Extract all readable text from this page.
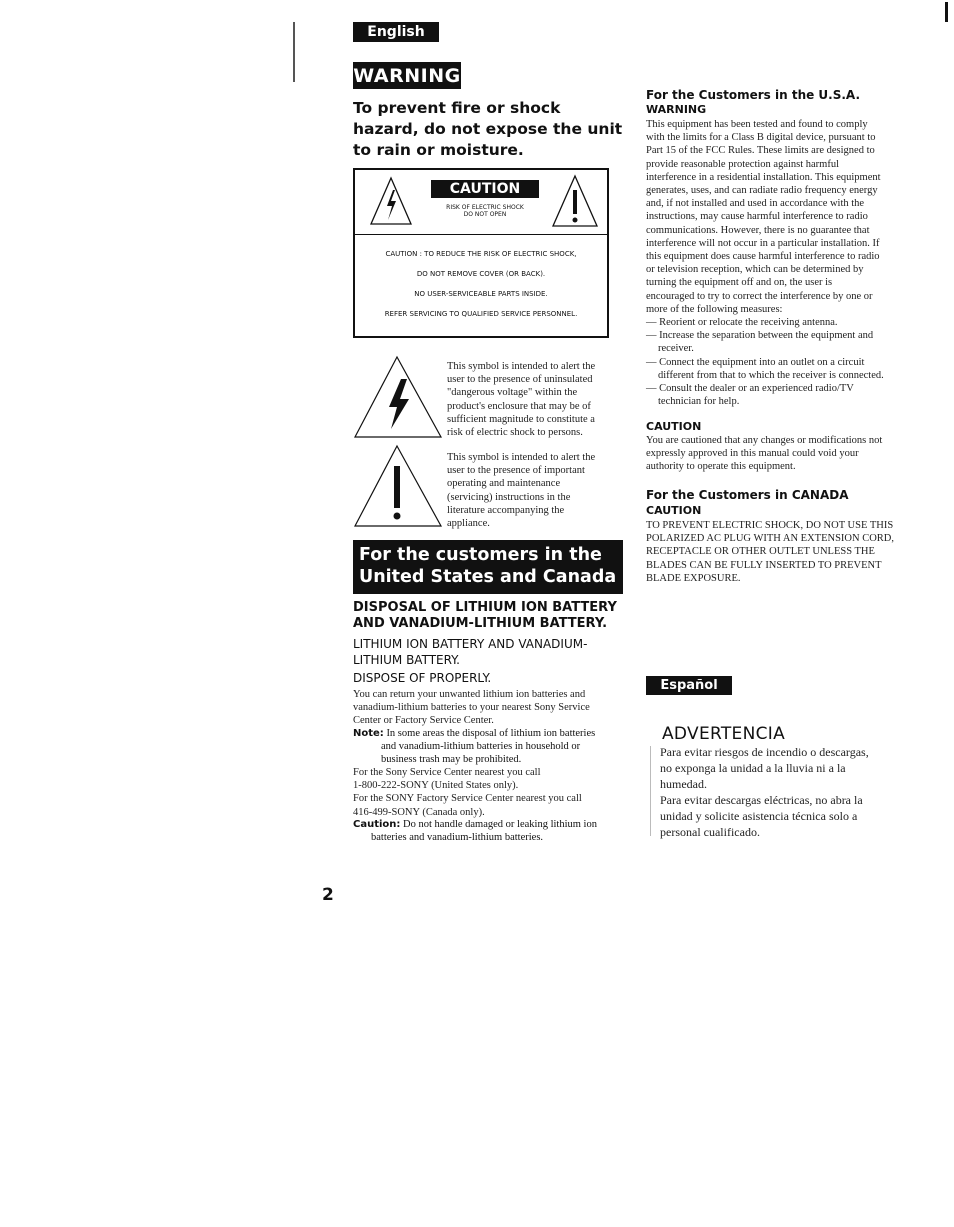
English
WARNING
To prevent fire or shock hazard, do not expose the unit to rain or moisture.
CAUTION
RISK OF ELECTRIC SHOCK
DO NOT OPEN
CAUTION : TO REDUCE THE RISK OF ELECTRIC SHOCK,
DO NOT REMOVE COVER (OR BACK).
NO USER-SERVICEABLE PARTS INSIDE.
REFER SERVICING TO QUALIFIED SERVICE PERSONNEL.
This symbol is intended to alert the
user to the presence of uninsulated
"dangerous voltage" within the
product's enclosure that may be of
sufficient magnitude to constitute a
risk of electric shock to persons.
This symbol is intended to alert the
user to the presence of important
operating and maintenance
(servicing) instructions in the
literature accompanying the
appliance.
For the customers in the
United States and Canada
DISPOSAL OF LITHIUM ION BATTERY AND VANADIUM-LITHIUM BATTERY.
LITHIUM ION BATTERY AND VANADIUM-LITHIUM BATTERY.
DISPOSE OF PROPERLY.
You can return your unwanted lithium ion batteries and
vanadium-lithium batteries to your nearest Sony Service
Center or Factory Service Center.
Note: In some areas the disposal of lithium ion batteries
and vanadium-lithium batteries in household or
business trash may be prohibited.
For the Sony Service Center nearest you call
1-800-222-SONY (United States only).
For the SONY Factory Service Center nearest you call
416-499-SONY (Canada only).
Caution: Do not handle damaged or leaking lithium ion
batteries and vanadium-lithium batteries.
2
For the Customers in the U.S.A.
WARNING
This equipment has been tested and found to comply
with the limits for a Class B digital device, pursuant to
Part 15 of the FCC Rules. These limits are designed to
provide reasonable protection against harmful
interference in a residential installation. This equipment
generates, uses, and can radiate radio frequency energy
and, if not installed and used in accordance with the
instructions, may cause harmful interference to radio
communications. However, there is no guarantee that
interference will not occur in a particular installation. If
this equipment does cause harmful interference to radio
or television reception, which can be determined by
turning the equipment off and on, the user is
encouraged to try to correct the interference by one or
more of the following measures:
— Reorient or relocate the receiving antenna.
— Increase the separation between the equipment and
receiver.
— Connect the equipment into an outlet on a circuit
different from that to which the receiver is connected.
— Consult the dealer or an experienced radio/TV
technician for help.
CAUTION
You are cautioned that any changes or modifications not
expressly approved in this manual could void your
authority to operate this equipment.
For the Customers in CANADA
CAUTION
TO PREVENT ELECTRIC SHOCK, DO NOT USE THIS
POLARIZED AC PLUG WITH AN EXTENSION CORD,
RECEPTACLE OR OTHER OUTLET UNLESS THE
BLADES CAN BE FULLY INSERTED TO PREVENT
BLADE EXPOSURE.
Español
ADVERTENCIA
Para evitar riesgos de incendio o descargas,
no exponga la unidad a la lluvia ni a la
humedad.
Para evitar descargas eléctricas, no abra la
unidad y solicite asistencia técnica solo a
personal cualificado.
